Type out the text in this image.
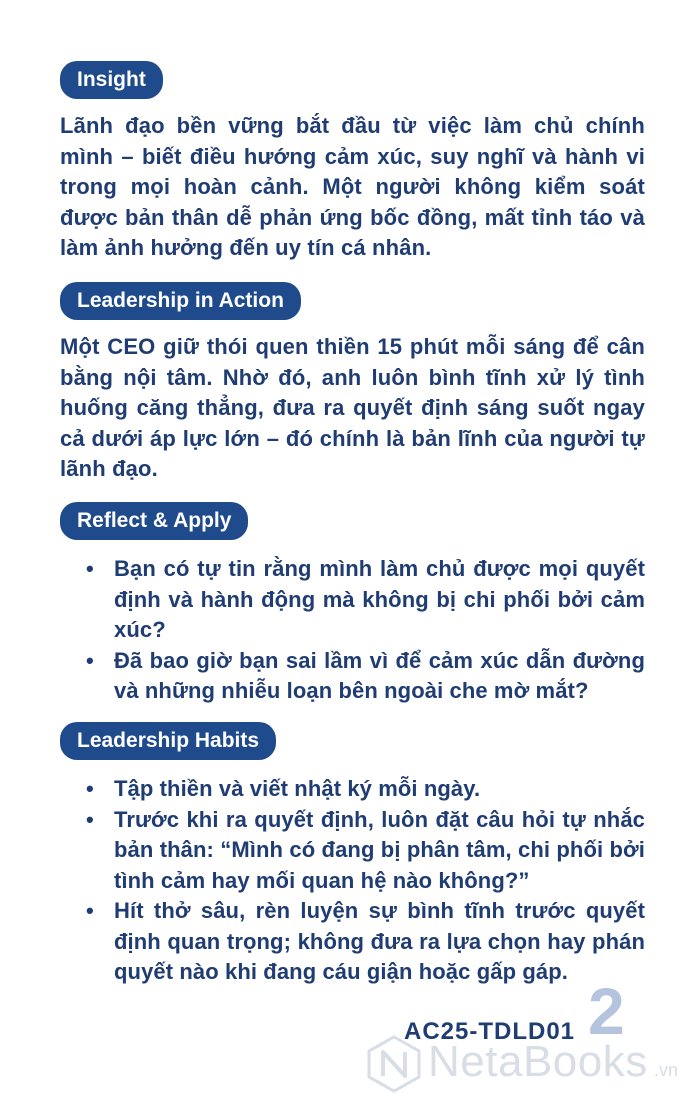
Insight

Lãnh đạo bền vững bắt đầu từ việc làm chủ chính mình – biết điều hướng cảm xúc, suy nghĩ và hành vi trong mọi hoàn cảnh. Một người không kiểm soát được bản thân dễ phản ứng bốc đồng, mất tỉnh táo và làm ảnh hưởng đến uy tín cá nhân.

Leadership in Action

Một CEO giữ thói quen thiền 15 phút mỗi sáng để cân bằng nội tâm. Nhờ đó, anh luôn bình tĩnh xử lý tình huống căng thẳng, đưa ra quyết định sáng suốt ngay cả dưới áp lực lớn – đó chính là bản lĩnh của người tự lãnh đạo.

Reflect & Apply
• Bạn có tự tin rằng mình làm chủ được mọi quyết định và hành động mà không bị chi phối bởi cảm xúc?
• Đã bao giờ bạn sai lầm vì để cảm xúc dẫn đường và những nhiễu loạn bên ngoài che mờ mắt?
Leadership Habits
• Tập thiền và viết nhật ký mỗi ngày.
• Trước khi ra quyết định, luôn đặt câu hỏi tự nhắc bản thân: “Mình có đang bị phân tâm, chi phối bởi tình cảm hay mối quan hệ nào không?”
• Hít thở sâu, rèn luyện sự bình tĩnh trước quyết định quan trọng; không đưa ra lựa chọn hay phán quyết nào khi đang cáu giận hoặc gấp gáp.
2
AC25-TDLD01
NetaBooks .vn
